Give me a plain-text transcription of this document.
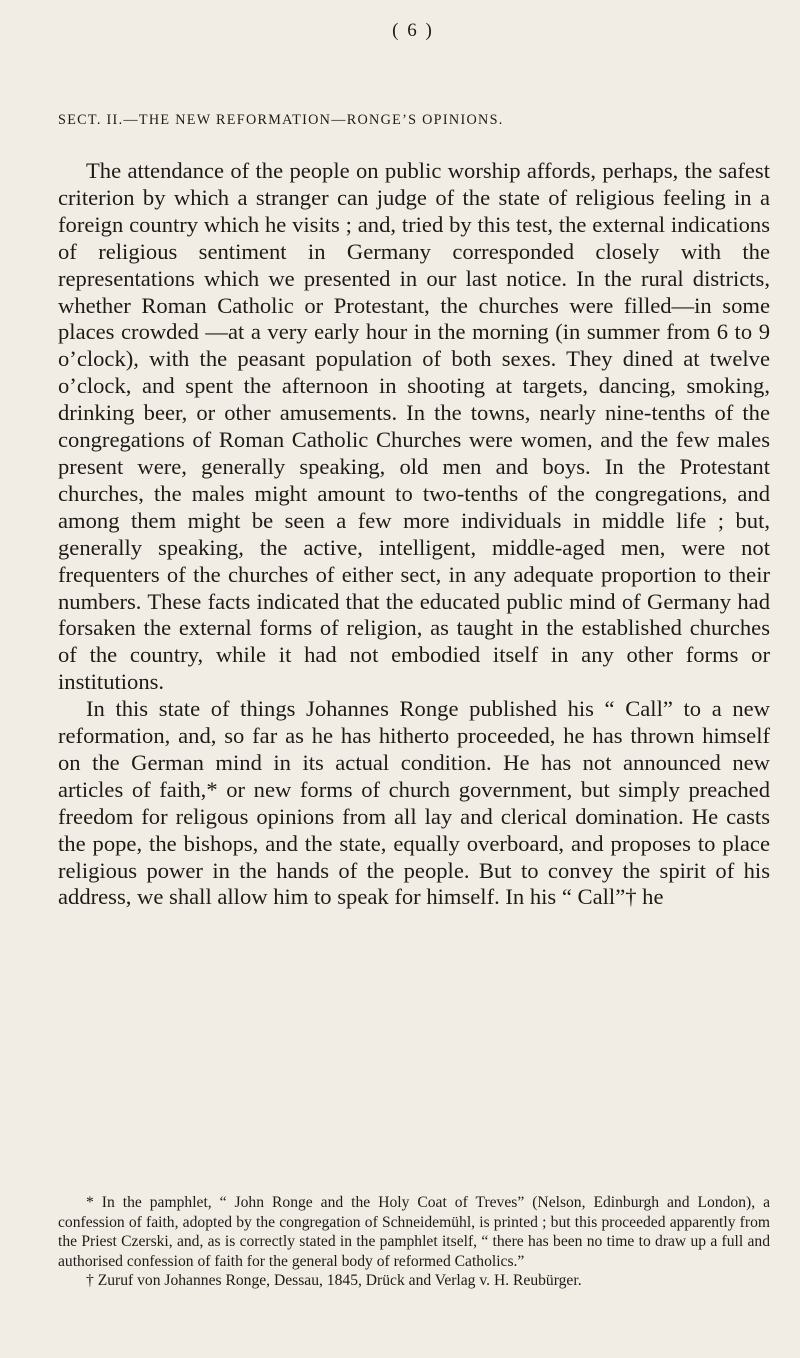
( 6 )
SECT. II.—THE NEW REFORMATION—RONGE’S OPINIONS.

The attendance of the people on public worship affords, perhaps, the safest criterion by which a stranger can judge of the state of religious feeling in a foreign country which he visits ; and, tried by this test, the external indications of religious sentiment in Germany corresponded closely with the representations which we presented in our last notice. In the rural districts, whether Roman Catholic or Protestant, the churches were filled—in some places crowded —at a very early hour in the morning (in summer from 6 to 9 o’clock), with the peasant population of both sexes. They dined at twelve o’clock, and spent the afternoon in shooting at targets, dancing, smoking, drinking beer, or other amusements. In the towns, nearly nine-tenths of the congregations of Roman Catholic Churches were women, and the few males present were, generally speaking, old men and boys. In the Protestant churches, the males might amount to two-tenths of the congregations, and among them might be seen a few more individuals in middle life ; but, generally speaking, the active, intelligent, middle-aged men, were not frequenters of the churches of either sect, in any adequate proportion to their numbers. These facts indicated that the educated public mind of Germany had forsaken the external forms of religion, as taught in the established churches of the country, while it had not embodied itself in any other forms or institutions.

In this state of things Johannes Ronge published his “ Call” to a new reformation, and, so far as he has hitherto proceeded, he has thrown himself on the German mind in its actual condition. He has not announced new articles of faith,* or new forms of church government, but simply preached freedom for religous opinions from all lay and clerical domination. He casts the pope, the bishops, and the state, equally overboard, and proposes to place religious power in the hands of the people. But to convey the spirit of his address, we shall allow him to speak for himself. In his “ Call”† he

* In the pamphlet, “ John Ronge and the Holy Coat of Treves” (Nelson, Edinburgh and London), a confession of faith, adopted by the congregation of Schneidemühl, is printed ; but this proceeded apparently from the Priest Czerski, and, as is correctly stated in the pamphlet itself, “ there has been no time to draw up a full and authorised confession of faith for the general body of reformed Catholics.”

† Zuruf von Johannes Ronge, Dessau, 1845, Drück and Verlag v. H. Reubürger.
